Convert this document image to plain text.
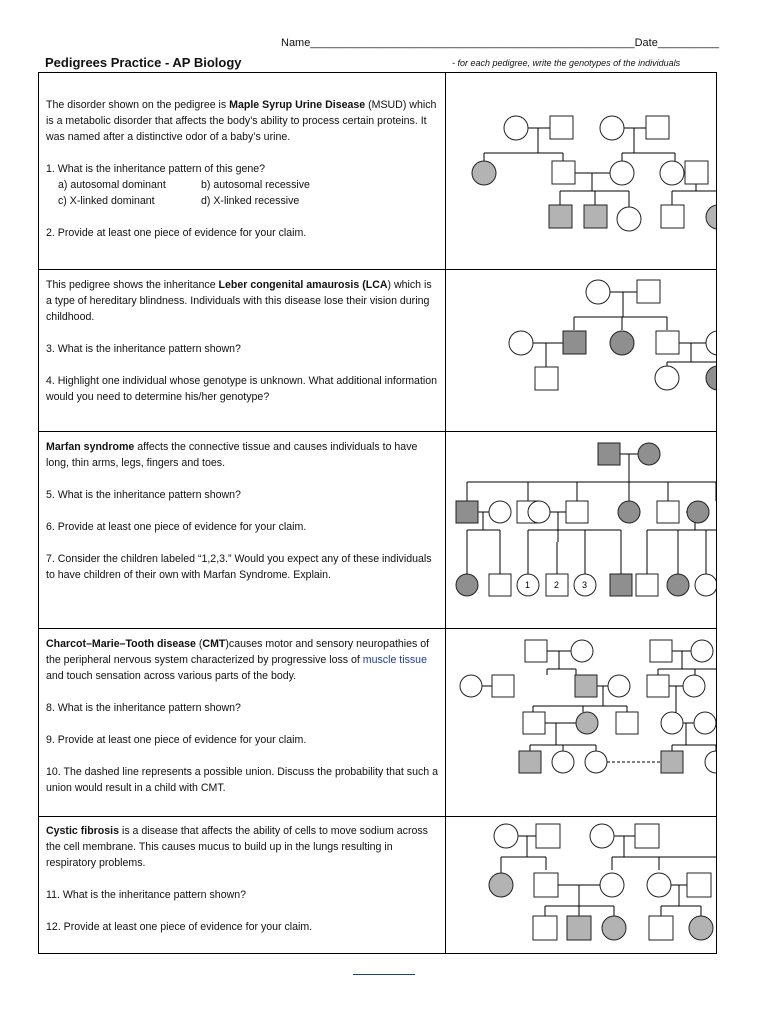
Name_____________________________________________________Date__________
Pedigrees Practice - AP Biology	- for each pedigree, write the genotypes of the individuals

The disorder shown on the pedigree is Maple Syrup Urine Disease (MSUD) which is a metabolic disorder that affects the body’s ability to process certain proteins. It was named after a distinctive odor of a baby’s urine.

1. What is the inheritance pattern of this gene?

a) autosomal dominant	b) autosomal recessive

c) X-linked dominant	d) X-linked recessive

2. Provide at least one piece of evidence for your claim.

This pedigree shows the inheritance Leber congenital amaurosis (LCA) which is a type of hereditary blindness. Individuals with this disease lose their vision during childhood.

3. What is the inheritance pattern shown?

4. Highlight one individual whose genotype is unknown. What additional information would you need to determine his/her genotype?

Marfan syndrome affects the connective tissue and causes individuals to have long, thin arms, legs, fingers and toes.

5. What is the inheritance pattern shown?

6. Provide at least one piece of evidence for your claim.

7. Consider the children labeled “1,2,3.” Would you expect any of these individuals to have children of their own with Marfan Syndrome. Explain.

1	2	3

Charcot–Marie–Tooth disease (CMT)causes motor and sensory neuropathies of the peripheral nervous system characterized by progressive loss of muscle tissue and touch sensation across various parts of the body.

8. What is the inheritance pattern shown?

9. Provide at least one piece of evidence for your claim.

10. The dashed line represents a possible union. Discuss the probability that such a union would result in a child with CMT.

Cystic fibrosis is a disease that affects the ability of cells to move sodium across the cell membrane. This causes mucus to build up in the lungs resulting in respiratory problems.

11. What is the inheritance pattern shown?

12. Provide at least one piece of evidence for your claim.
